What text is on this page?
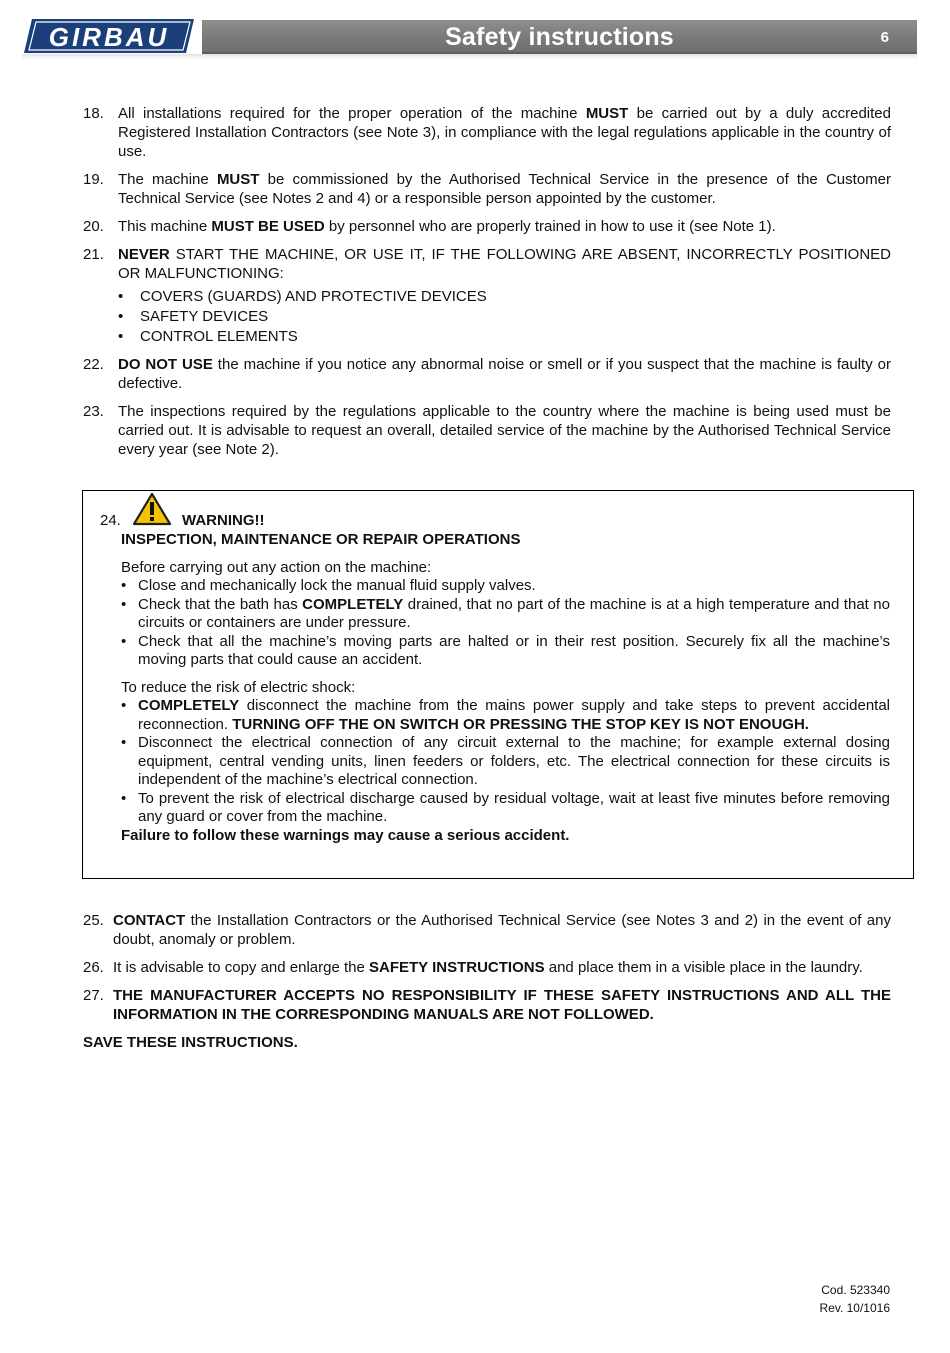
GIRBAU	Safety instructions	6
18. All installations required for the proper operation of the machine MUST be carried out by a duly accredited Registered Installation Contractors (see Note 3), in compliance with the legal regulations applicable in the country of use.
19. The machine MUST be commissioned by the Authorised Technical Service in the presence of the Customer Technical Service (see Notes 2 and 4) or a responsible person appointed by the customer.
20. This machine MUST BE USED by personnel who are properly trained in how to use it (see Note 1).
21. NEVER START THE MACHINE, OR USE IT, IF THE FOLLOWING ARE ABSENT, INCORRECTLY POSITIONED OR MALFUNCTIONING:
• COVERS (GUARDS) AND PROTECTIVE DEVICES
• SAFETY DEVICES
• CONTROL ELEMENTS
22. DO NOT USE the machine if you notice any abnormal noise or smell or if you suspect that the machine is faulty or defective.
23. The inspections required by the regulations applicable to the country where the machine is being used must be carried out. It is advisable to request an overall, detailed service of the machine by the Authorised Technical Service every year (see Note 2).
24.	WARNING!!

INSPECTION, MAINTENANCE OR REPAIR OPERATIONS

Before carrying out any action on the machine:

• Close and mechanically lock the manual fluid supply valves.
• Check that the bath has COMPLETELY drained, that no part of the machine is at a high temperature and that no circuits or containers are under pressure.
• Check that all the machine’s moving parts are halted or in their rest position. Securely fix all the machine’s moving parts that could cause an accident.

To reduce the risk of electric shock:

• COMPLETELY disconnect the machine from the mains power supply and take steps to prevent accidental reconnection. TURNING OFF THE ON SWITCH OR PRESSING THE STOP KEY IS NOT ENOUGH.
• Disconnect the electrical connection of any circuit external to the machine; for example external dosing equipment, central vending units, linen feeders or folders, etc. The electrical connection for these circuits is independent of the machine’s electrical connection.
• To prevent the risk of electrical discharge caused by residual voltage, wait at least five minutes before removing any guard or cover from the machine.

Failure to follow these warnings may cause a serious accident.

25. CONTACT the Installation Contractors or the Authorised Technical Service (see Notes 3 and 2) in the event of any doubt, anomaly or problem.
26. It is advisable to copy and enlarge the SAFETY INSTRUCTIONS and place them in a visible place in the laundry.
27. THE MANUFACTURER ACCEPTS NO RESPONSIBILITY IF THESE SAFETY INSTRUCTIONS AND ALL THE INFORMATION IN THE CORRESPONDING MANUALS ARE NOT FOLLOWED.
SAVE THESE INSTRUCTIONS.
Cod. 523340
Rev. 10/1016
